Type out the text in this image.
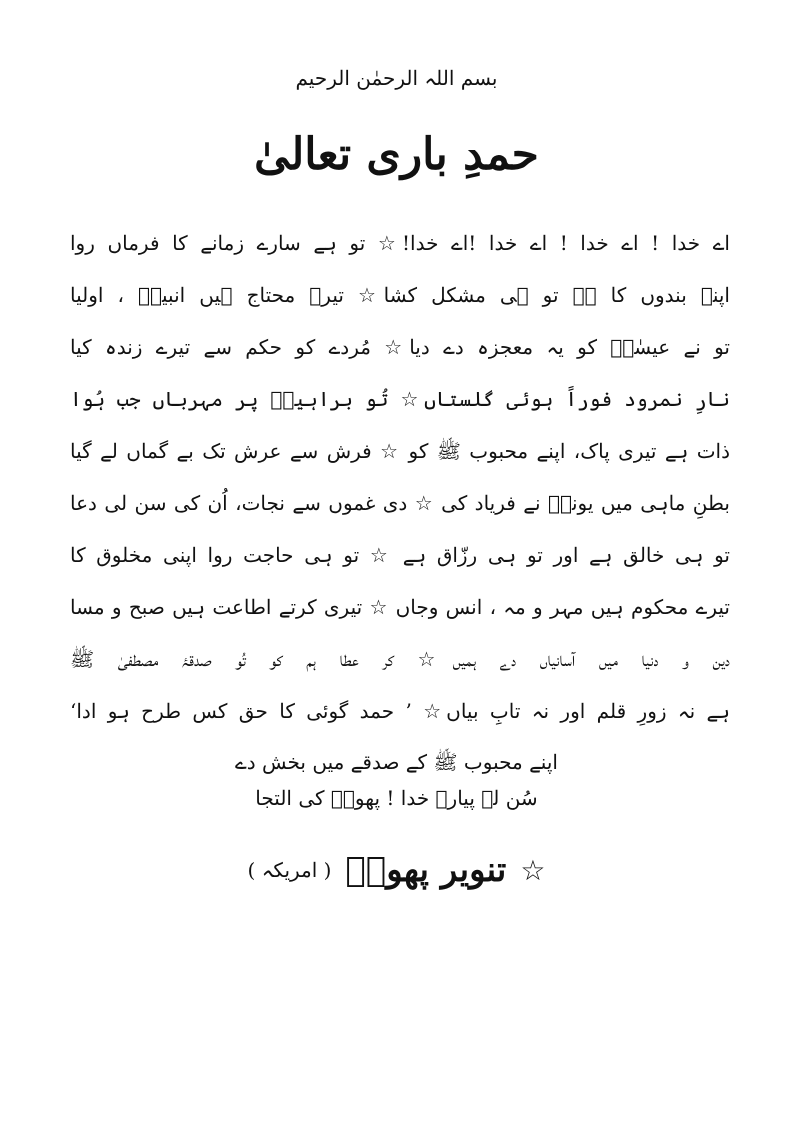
بسم اللہ الرحمٰن الرحیم
حمدِ باری تعالیٰ
اے خدا ! اے خدا ! اے خدا !اے خدا!☆ تو ہے سارے زمانے کا فرماں روا
اپنے بندوں کا ہے تو ہی مشکل کشا☆ تیرے محتاج ہیں انبیاؑ ، اولیا
تو نے عیسٰیؑ کو یہ معجزہ دے دیا☆ مُردے کو حکم سے تیرے زندہ کیا
نارِ نمرود فوراََ ہوئی گلستاں☆ تُو براہیمؑ پر مہرباں جب ہُوا
ذات ہے تیری پاک، اپنے محبوب ﷺ کو ☆ فرش سے عرش تک بے گماں لے گیا
بطنِ ماہی میں یونسؑ نے فریاد کی ☆ دی غموں سے نجات، اُن کی سن لی دعا
تو ہی خالق ہے اور تو ہی رزّاق ہے ☆ تو ہی حاجت روا اپنی مخلوق کا
تیرے محکوم ہیں مہر و مہ ، انس وجاں ☆ تیری کرتے اطاعت ہیں صبح و مسا
دین و دنیا میں آسانیاں دے ہمیں☆ کر عطا ہم کو تُو صدقۂ مصطفیٰ ﷺ
ہے نہ زورِ قلم اور نہ تابِ بیاں☆ ’ حمد گوئی کا حق کس طرح ہو ادا‘
اپنے محبوب ﷺ کے صدقے میں بخش دے
سُن لے پیارے خدا ! پھولؔ کی التجا
☆تنویر پھولؔ( امریکہ )
